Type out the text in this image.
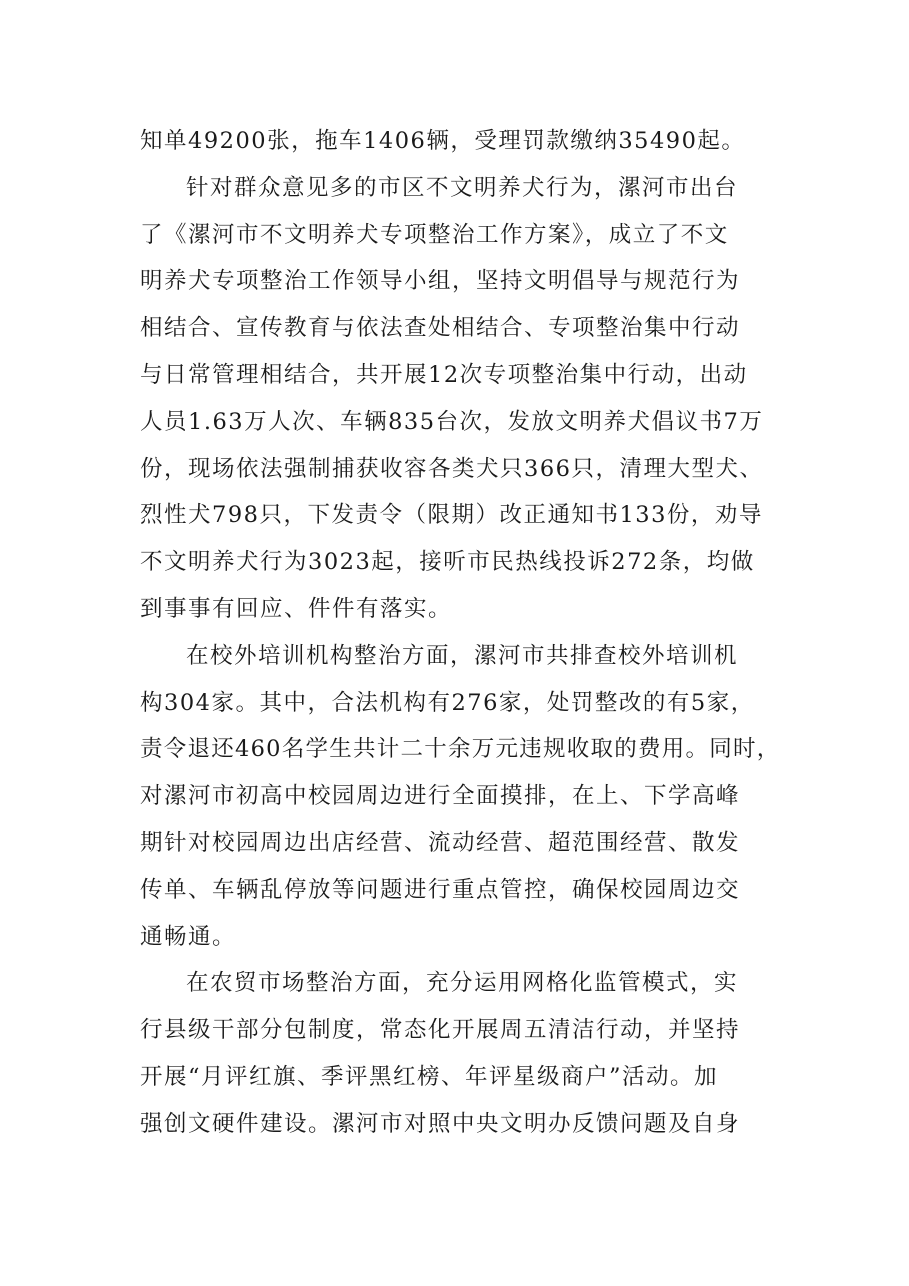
知单49200张，拖车1406辆，受理罚款缴纳35490起。
针对群众意见多的市区不文明养犬行为，漯河市出台
了《漯河市不文明养犬专项整治工作方案》，成立了不文
明养犬专项整治工作领导小组，坚持文明倡导与规范行为
相结合、宣传教育与依法查处相结合、专项整治集中行动
与日常管理相结合，共开展12次专项整治集中行动，出动
人员1.63万人次、车辆835台次，发放文明养犬倡议书7万
份，现场依法强制捕获收容各类犬只366只，清理大型犬、
烈性犬798只，下发责令（限期）改正通知书133份，劝导
不文明养犬行为3023起，接听市民热线投诉272条，均做
到事事有回应、件件有落实。
在校外培训机构整治方面，漯河市共排查校外培训机
构304家。其中，合法机构有276家，处罚整改的有5家，
责令退还460名学生共计二十余万元违规收取的费用。同时，
对漯河市初高中校园周边进行全面摸排，在上、下学高峰
期针对校园周边出店经营、流动经营、超范围经营、散发
传单、车辆乱停放等问题进行重点管控，确保校园周边交
通畅通。
在农贸市场整治方面，充分运用网格化监管模式，实
行县级干部分包制度，常态化开展周五清洁行动，并坚持
开展“月评红旗、季评黑红榜、年评星级商户”活动。加
强创文硬件建设。漯河市对照中央文明办反馈问题及自身
